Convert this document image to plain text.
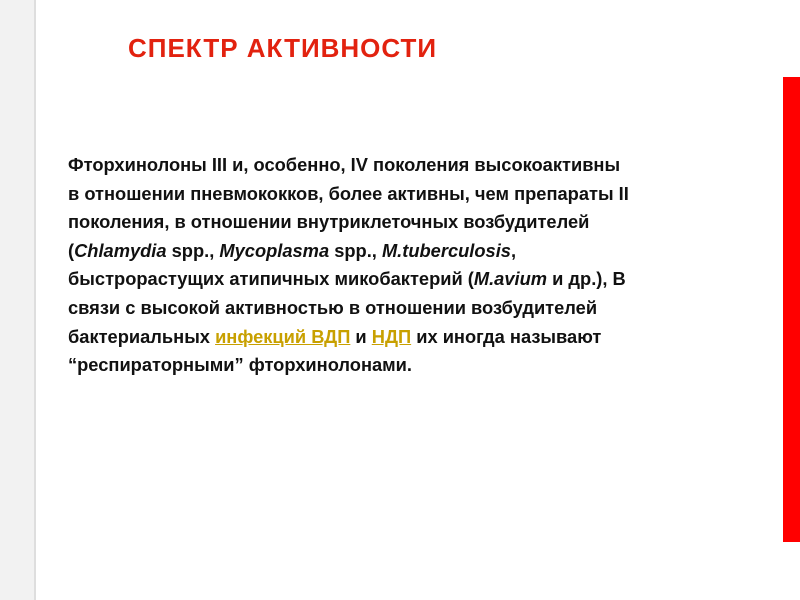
СПЕКТР АКТИВНОСТИ
Фторхинолоны III и, особенно, IV поколения высокоактивны
в отношении пневмококков, более активны, чем препараты II
поколения, в отношении внутриклеточных возбудителей
(Chlamydia spp., Mycoplasma spp., M.tuberculosis,
быстрорастущих атипичных микобактерий (M.avium и др.), В
связи с высокой активностью в отношении возбудителей
бактериальных инфекций ВДП и НДП их иногда называют
“респираторными” фторхинолонами.
